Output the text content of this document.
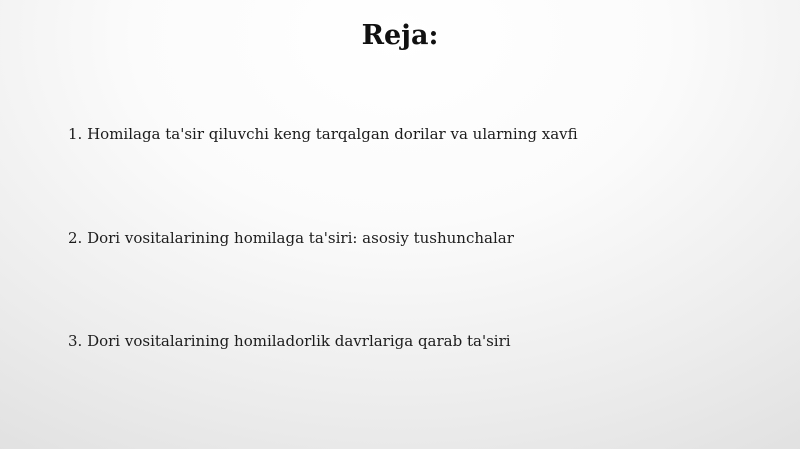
Reja:
1. Homilaga ta'sir qiluvchi keng tarqalgan dorilar va ularning xavfi
2. Dori vositalarining homilaga ta'siri: asosiy tushunchalar
3. Dori vositalarining homiladorlik davrlariga qarab ta'siri
